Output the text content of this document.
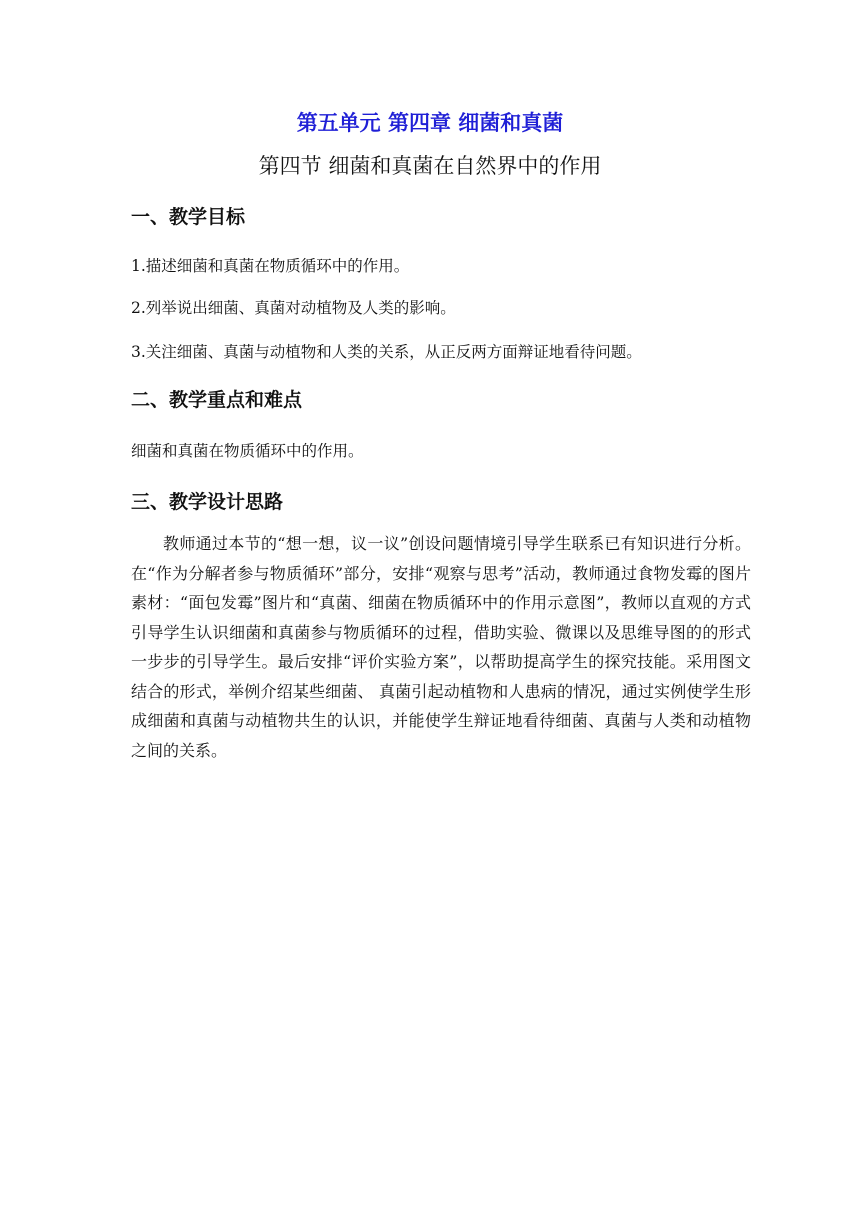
第五单元 第四章 细菌和真菌
第四节 细菌和真菌在自然界中的作用
一、教学目标
1.描述细菌和真菌在物质循环中的作用。
2.列举说出细菌、真菌对动植物及人类的影响。
3.关注细菌、真菌与动植物和人类的关系，从正反两方面辩证地看待问题。
二、教学重点和难点
细菌和真菌在物质循环中的作用。
三、教学设计思路

教师通过本节的“想一想，议一议”创设问题情境引导学生联系已有知识进行分析。在“作为分解者参与物质循环”部分，安排“观察与思考”活动，教师通过食物发霉的图片素材：“面包发霉”图片和“真菌、细菌在物质循环中的作用示意图”，教师以直观的方式引导学生认识细菌和真菌参与物质循环的过程，借助实验、微课以及思维导图的的形式一步步的引导学生。最后安排“评价实验方案”，以帮助提高学生的探究技能。采用图文结合的形式，举例介绍某些细菌、 真菌引起动植物和人患病的情况，通过实例使学生形成细菌和真菌与动植物共生的认识，并能使学生辩证地看待细菌、真菌与人类和动植物之间的关系。
